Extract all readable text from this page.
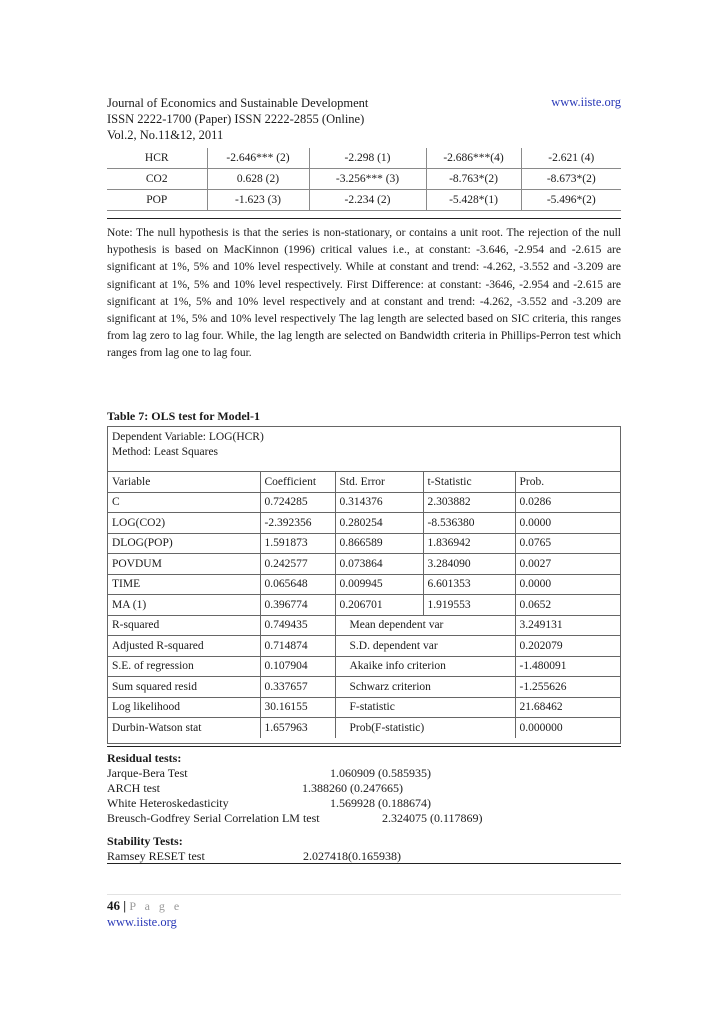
Journal of Economics and Sustainable Development
ISSN 2222-1700 (Paper) ISSN 2222-2855 (Online)
Vol.2, No.11&12, 2011
www.iiste.org
HCR	-2.646*** (2)	-2.298 (1)	-2.686***(4)	-2.621 (4)
CO2	0.628 (2)	-3.256*** (3)	-8.763*(2)	-8.673*(2)
POP	-1.623 (3)	-2.234 (2)	-5.428*(1)	-5.496*(2)
Note: The null hypothesis is that the series is non-stationary, or contains a unit root. The rejection of the null hypothesis is based on MacKinnon (1996) critical values i.e., at constant: -3.646, -2.954 and -2.615 are significant at 1%, 5% and 10% level respectively. While at constant and trend: -4.262, -3.552 and -3.209 are significant at 1%, 5% and 10% level respectively. First Difference: at constant: -3646, -2.954 and -2.615 are significant at 1%, 5% and 10% level respectively and at constant and trend: -4.262, -3.552 and -3.209 are significant at 1%, 5% and 10% level respectively The lag length are selected based on SIC criteria, this ranges from lag zero to lag four. While, the lag length are selected on Bandwidth criteria in Phillips-Perron test which ranges from lag one to lag four.
Table 7: OLS test for Model-1
Dependent Variable: LOG(HCR)
Method: Least Squares
Variable	Coefficient	Std. Error	t-Statistic	Prob.
C	0.724285	0.314376	2.303882	0.0286
LOG(CO2)	-2.392356	0.280254	-8.536380	0.0000
DLOG(POP)	1.591873	0.866589	1.836942	0.0765
POVDUM	0.242577	0.073864	3.284090	0.0027
TIME	0.065648	0.009945	6.601353	0.0000
MA (1)	0.396774	0.206701	1.919553	0.0652
R-squared	0.749435	Mean dependent var		3.249131
Adjusted R-squared	0.714874	S.D. dependent var		0.202079
S.E. of regression	0.107904	Akaike info criterion		-1.480091
Sum squared resid	0.337657	Schwarz criterion		-1.255626
Log likelihood	30.16155	F-statistic		21.68462
Durbin-Watson stat	1.657963	Prob(F-statistic)		0.000000
Residual tests:
Jarque-Bera Test	1.060909 (0.585935)
ARCH test	1.388260 (0.247665)
White Heteroskedasticity	1.569928 (0.188674)
Breusch-Godfrey Serial Correlation LM test	2.324075 (0.117869)
Stability Tests:
Ramsey RESET test	2.027418(0.165938)
46 | P a g e
www.iiste.org
